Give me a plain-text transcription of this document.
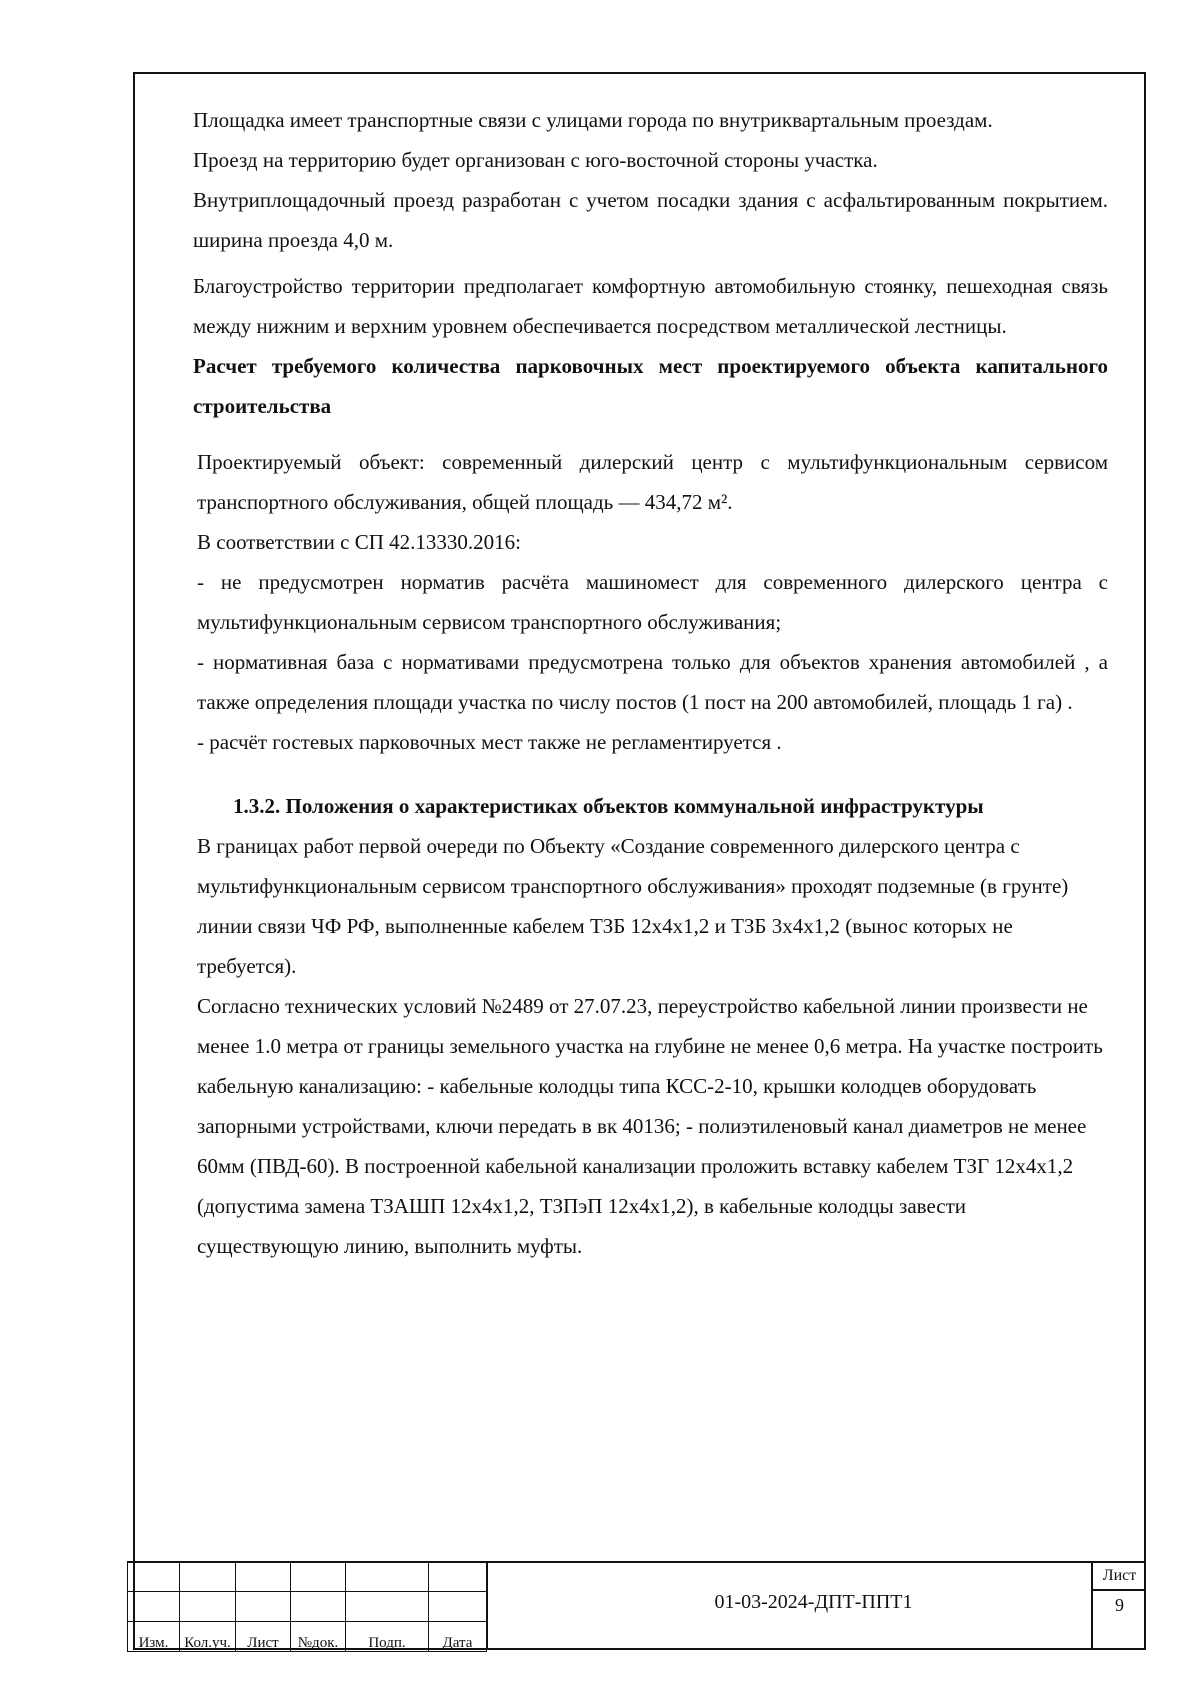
Площадка имеет транспортные связи с улицами города по внутриквартальным проездам.

Проезд на территорию будет организован с юго-восточной стороны участка.

Внутриплощадочный проезд разработан с учетом посадки здания с асфальтированным покрытием. ширина проезда 4,0 м.

Благоустройство территории предполагает комфортную автомобильную стоянку, пешеходная связь между нижним и верхним уровнем обеспечивается посредством металлической лестницы.

Расчет требуемого количества парковочных мест проектируемого объекта капитального строительства

Проектируемый объект: современный дилерский центр с мультифункциональным сервисом транспортного обслуживания, общей площадь — 434,72 м².

В соответствии с СП 42.13330.2016:

- не предусмотрен норматив расчёта машиномест для современного дилерского центра с мультифункциональным сервисом транспортного обслуживания;

- нормативная база с нормативами предусмотрена только для объектов хранения автомобилей , а также определения площади участка по числу постов (1 пост на 200 автомобилей, площадь 1 га) .

- расчёт гостевых парковочных мест также не регламентируется .

1.3.2. Положения о характеристиках объектов коммунальной инфраструктуры

В границах работ первой очереди по Объекту «Создание современного дилерского центра с мультифункциональным сервисом транспортного обслуживания» проходят подземные (в грунте) линии связи ЧФ РФ, выполненные кабелем ТЗБ 12х4х1,2 и ТЗБ 3х4х1,2 (вынос которых не требуется).

Согласно технических условий №2489 от 27.07.23, переустройство кабельной линии произвести не менее 1.0 метра от границы земельного участка на глубине не менее 0,6 метра. На участке построить кабельную канализацию: - кабельные колодцы типа КСС-2-10, крышки колодцев оборудовать запорными устройствами, ключи передать в вк 40136; - полиэтиленовый канал диаметров не менее 60мм (ПВД-60). В построенной кабельной канализации проложить вставку кабелем ТЗГ 12х4х1,2 (допустима замена ТЗАШП 12х4х1,2, ТЗПэП 12х4х1,2), в кабельные колодцы завести существующую линию, выполнить муфты.

Изм.	Кол.уч.	Лист	№док.	Подп.	Дата
01-03-2024-ДПТ-ППТ1
Лист
9
